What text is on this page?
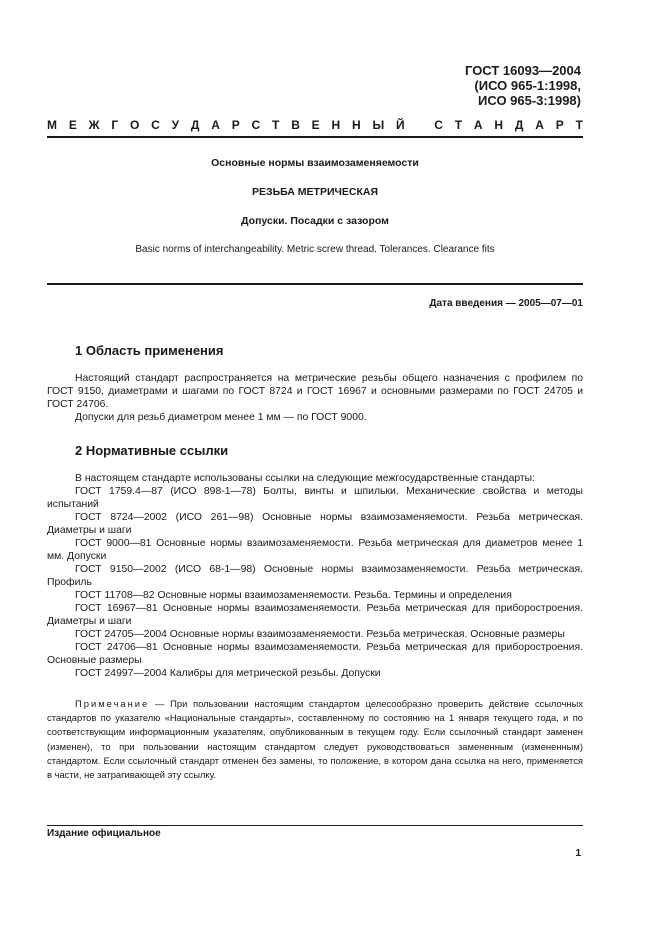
ГОСТ 16093—2004
(ИСО 965-1:1998,
ИСО 965-3:1998)
М Е Ж Г О С У Д А Р С Т В Е Н Н Ы Й С Т А Н Д А Р Т
Основные нормы взаимозаменяемости
РЕЗЬБА МЕТРИЧЕСКАЯ
Допуски. Посадки с зазором
Basic norms of interchangeability. Metric screw thread. Tolerances. Clearance fits
Дата введения — 2005—07—01
1 Область применения

Настоящий стандарт распространяется на метрические резьбы общего назначения с профилем по ГОСТ 9150, диаметрами и шагами по ГОСТ 8724 и ГОСТ 16967 и основными размерами по ГОСТ 24705 и ГОСТ 24706.

Допуски для резьб диаметром менее 1 мм — по ГОСТ 9000.

2 Нормативные ссылки

В настоящем стандарте использованы ссылки на следующие межгосударственные стандарты:

ГОСТ 1759.4—87 (ИСО 898-1—78) Болты, винты и шпильки. Механические свойства и методы испытаний

ГОСТ 8724—2002 (ИСО 261—98) Основные нормы взаимозаменяемости. Резьба метрическая. Диаметры и шаги

ГОСТ 9000—81 Основные нормы взаимозаменяемости. Резьба метрическая для диаметров менее 1 мм. Допуски

ГОСТ 9150—2002 (ИСО 68-1—98) Основные нормы взаимозаменяемости. Резьба метрическая. Профиль

ГОСТ 11708—82 Основные нормы взаимозаменяемости. Резьба. Термины и определения

ГОСТ 16967—81 Основные нормы взаимозаменяемости. Резьба метрическая для приборостроения. Диаметры и шаги

ГОСТ 24705—2004 Основные нормы взаимозаменяемости. Резьба метрическая. Основные размеры

ГОСТ 24706—81 Основные нормы взаимозаменяемости. Резьба метрическая для приборостроения. Основные размеры

ГОСТ 24997—2004 Калибры для метрической резьбы. Допуски

Примечание — При пользовании настоящим стандартом целесообразно проверить действие ссылочных стандартов по указателю «Национальные стандарты», составленному по состоянию на 1 января текущего года, и по соответствующим информационным указателям, опубликованным в текущем году. Если ссылочный стандарт заменен (изменен), то при пользовании настоящим стандартом следует руководствоваться замененным (измененным) стандартом. Если ссылочный стандарт отменен без замены, то положение, в котором дана ссылка на него, применяется в части, не затрагивающей эту ссылку.

Издание официальное
1
